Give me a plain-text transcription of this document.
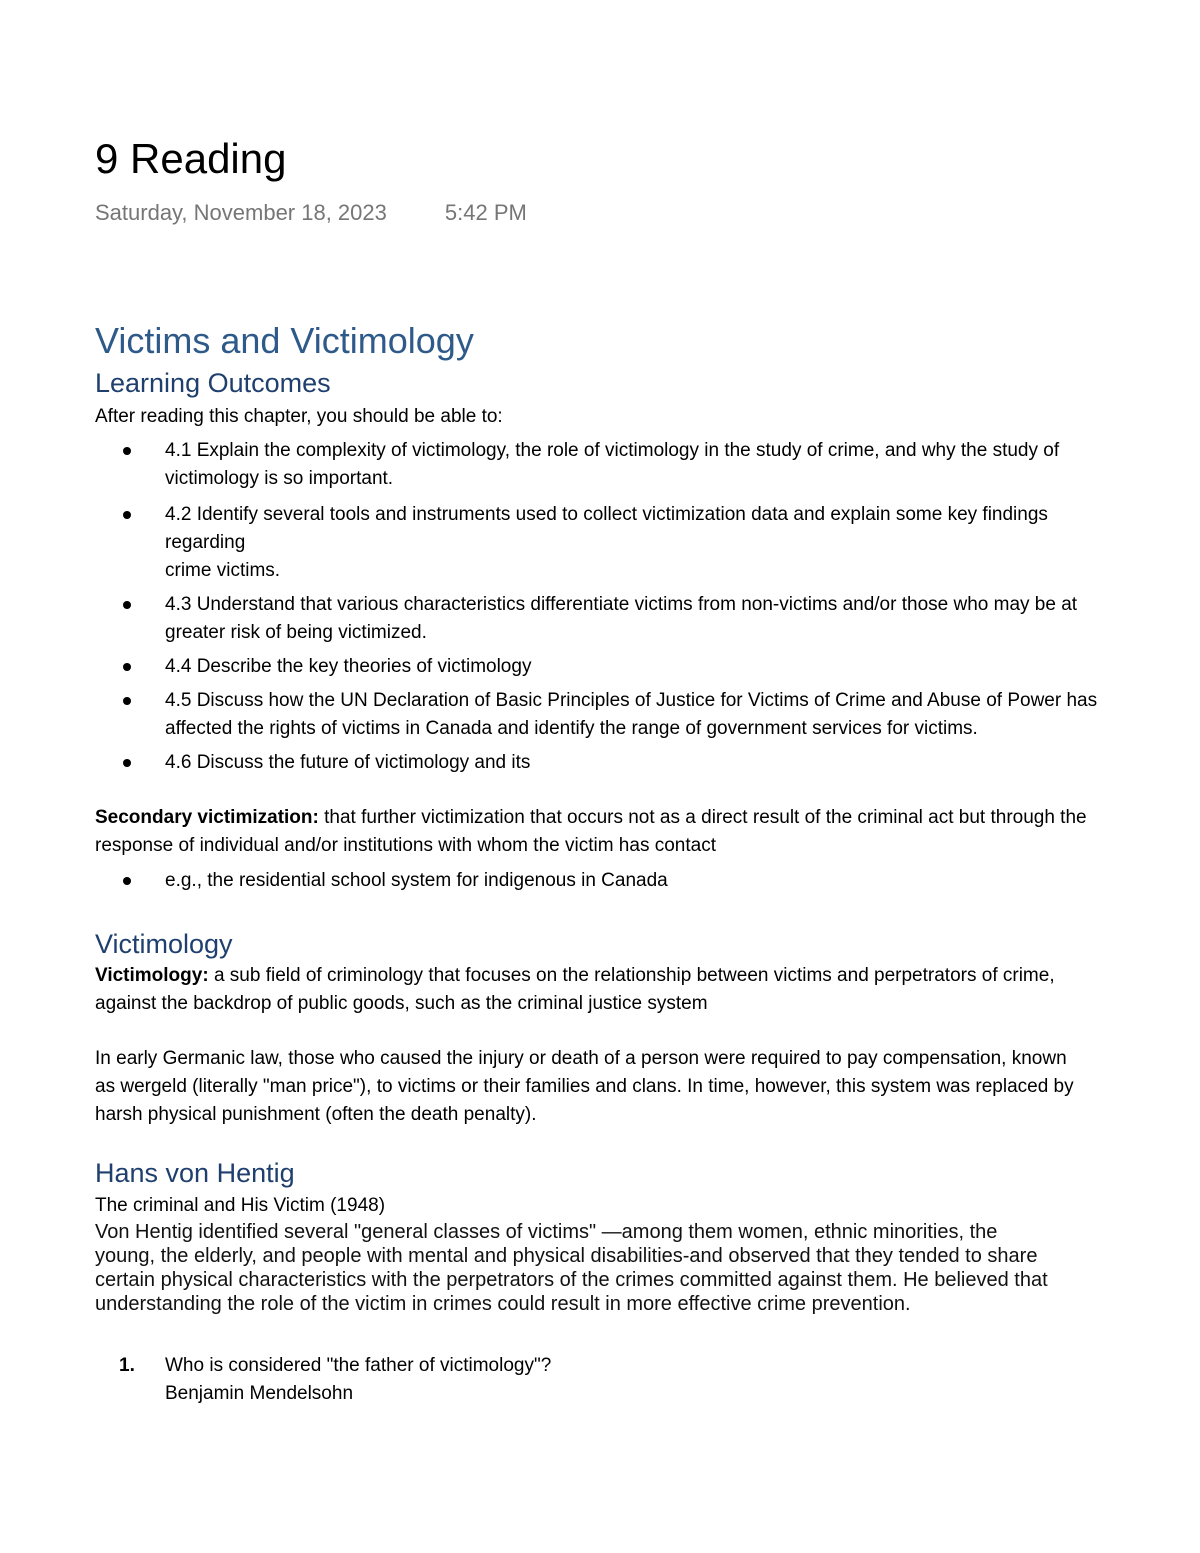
9 Reading
Saturday, November 18, 2023	5:42 PM
Victims and Victimology
Learning Outcomes
After reading this chapter, you should be able to:
4.1 Explain the complexity of victimology, the role of victimology in the study of crime, and why the study of
victimology is so important.
4.2 Identify several tools and instruments used to collect victimization data and explain some key findings
regarding
crime victims.
4.3 Understand that various characteristics differentiate victims from non-victims and/or those who may be at
greater risk of being victimized.
4.4 Describe the key theories of victimology
4.5 Discuss how the UN Declaration of Basic Principles of Justice for Victims of Crime and Abuse of Power has
affected the rights of victims in Canada and identify the range of government services for victims.
4.6 Discuss the future of victimology and its
Secondary victimization: that further victimization that occurs not as a direct result of the criminal act but through the
response of individual and/or institutions with whom the victim has contact
e.g., the residential school system for indigenous in Canada
Victimology
Victimology: a sub field of criminology that focuses on the relationship between victims and perpetrators of crime,
against the backdrop of public goods, such as the criminal justice system
In early Germanic law, those who caused the injury or death of a person were required to pay compensation, known
as wergeld (literally "man price"), to victims or their families and clans. In time, however, this system was replaced by
harsh physical punishment (often the death penalty).
Hans von Hentig
The criminal and His Victim (1948)
Von Hentig identified several "general classes of victims" —among them women, ethnic minorities, the
young, the elderly, and people with mental and physical disabilities-and observed that they tended to share
certain physical characteristics with the perpetrators of the crimes committed against them. He believed that
understanding the role of the victim in crimes could result in more effective crime prevention.
1. Who is considered "the father of victimology"?
Benjamin Mendelsohn
